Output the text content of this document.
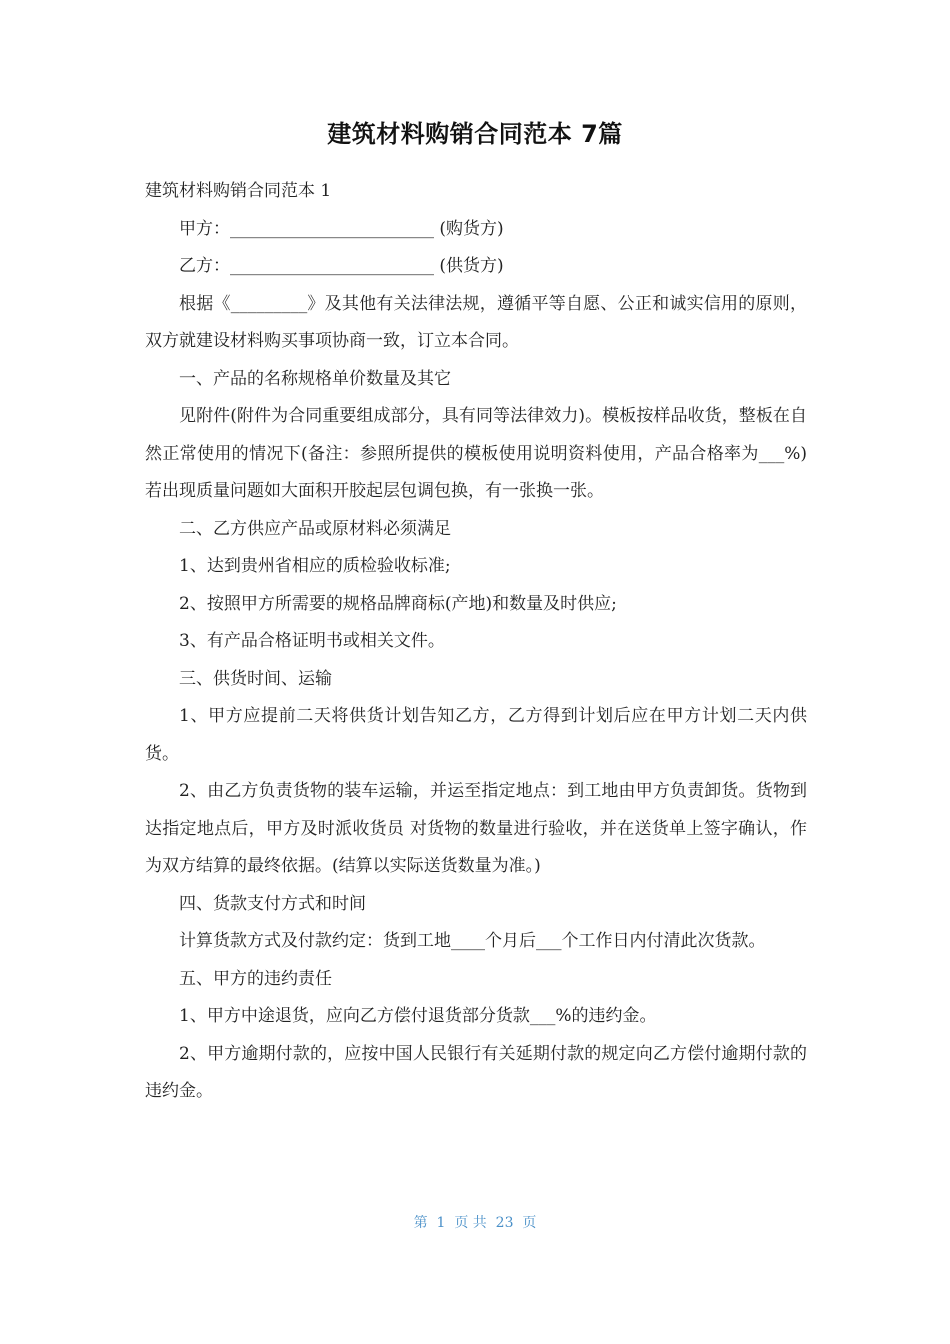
建筑材料购销合同范本 7篇

建筑材料购销合同范本 1

甲方：________________________ (购货方)

乙方：________________________ (供货方)

根据《_________》及其他有关法律法规，遵循平等自愿、公正和诚实信用的原则，双方就建设材料购买事项协商一致，订立本合同。

一、产品的名称规格单价数量及其它

见附件(附件为合同重要组成部分，具有同等法律效力)。模板按样品收货，整板在自然正常使用的情况下(备注：参照所提供的模板使用说明资料使用，产品合格率为___%)若出现质量问题如大面积开胶起层包调包换，有一张换一张。

二、乙方供应产品或原材料必须满足

1、达到贵州省相应的质检验收标准;

2、按照甲方所需要的规格品牌商标(产地)和数量及时供应;

3、有产品合格证明书或相关文件。

三、供货时间、运输

1、甲方应提前二天将供货计划告知乙方，乙方得到计划后应在甲方计划二天内供货。

2、由乙方负责货物的装车运输，并运至指定地点：到工地由甲方负责卸货。货物到达指定地点后，甲方及时派收货员 对货物的数量进行验收，并在送货单上签字确认，作为双方结算的最终依据。(结算以实际送货数量为准。)

四、货款支付方式和时间

计算货款方式及付款约定：货到工地____个月后___个工作日内付清此次货款。

五、甲方的违约责任

1、甲方中途退货，应向乙方偿付退货部分货款___%的违约金。

2、甲方逾期付款的，应按中国人民银行有关延期付款的规定向乙方偿付逾期付款的违约金。

第  1  页 共  23  页
